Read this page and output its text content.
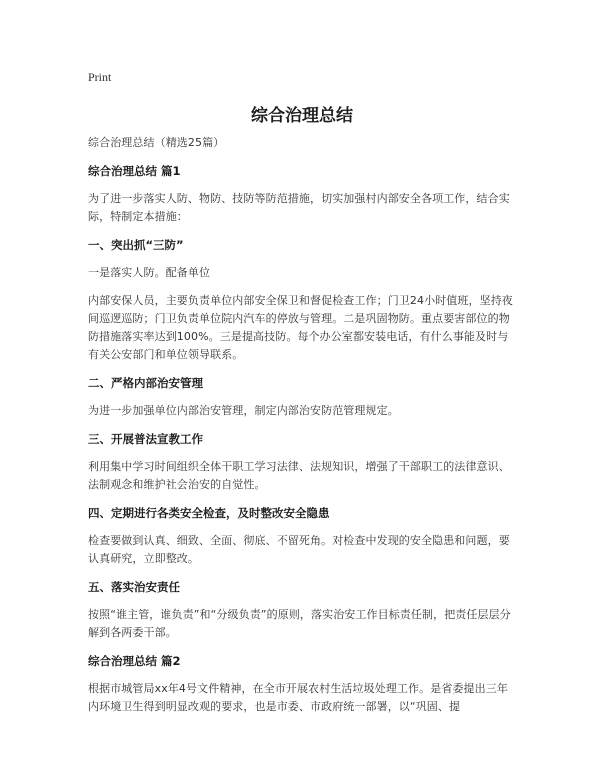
Print
综合治理总结

综合治理总结（精选25篇）

综合治理总结 篇1

为了进一步落实人防、物防、技防等防范措施，切实加强村内部安全各项工作，结合实际，特制定本措施：

一、突出抓“三防”

一是落实人防。配备单位

内部安保人员，主要负责单位内部安全保卫和督促检查工作；门卫24小时值班，坚持夜间巡逻巡防；门卫负责单位院内汽车的停放与管理。二是巩固物防。重点要害部位的物防措施落实率达到100%。三是提高技防。每个办公室都安装电话，有什么事能及时与有关公安部门和单位领导联系。

二、严格内部治安管理

为进一步加强单位内部治安管理，制定内部治安防范管理规定。

三、开展普法宣教工作

利用集中学习时间组织全体干职工学习法律、法规知识，增强了干部职工的法律意识、法制观念和维护社会治安的自觉性。

四、定期进行各类安全检查，及时整改安全隐患

检查要做到认真、细致、全面、彻底、不留死角。对检查中发现的安全隐患和问题，要认真研究，立即整改。

五、落实治安责任

按照“谁主管，谁负责”和“分级负责”的原则，落实治安工作目标责任制，把责任层层分解到各两委干部。

综合治理总结 篇2

根据市城管局xx年4号文件精神，在全市开展农村生活垃圾处理工作。是省委提出三年内环境卫生得到明显改观的要求，也是市委、市政府统一部署，以“巩固、提
